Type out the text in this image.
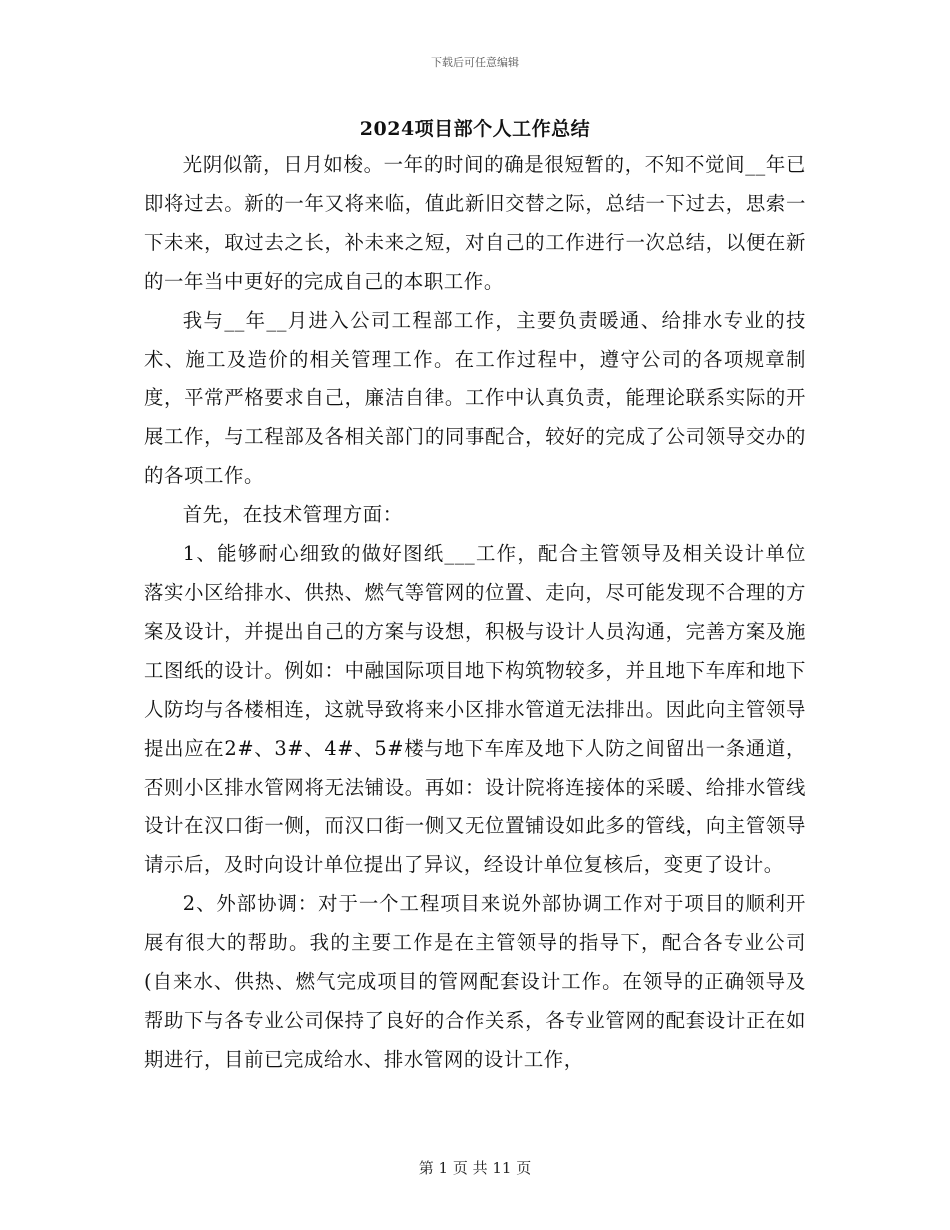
下载后可任意编辑
2024项目部个人工作总结

光阴似箭，日月如梭。一年的时间的确是很短暂的，不知不觉间__年已即将过去。新的一年又将来临，值此新旧交替之际，总结一下过去，思索一下未来，取过去之长，补未来之短，对自己的工作进行一次总结，以便在新的一年当中更好的完成自己的本职工作。

我与__年__月进入公司工程部工作，主要负责暖通、给排水专业的技术、施工及造价的相关管理工作。在工作过程中，遵守公司的各项规章制度，平常严格要求自己，廉洁自律。工作中认真负责，能理论联系实际的开展工作，与工程部及各相关部门的同事配合，较好的完成了公司领导交办的的各项工作。

首先，在技术管理方面：

1、能够耐心细致的做好图纸___工作，配合主管领导及相关设计单位落实小区给排水、供热、燃气等管网的位置、走向，尽可能发现不合理的方案及设计，并提出自己的方案与设想，积极与设计人员沟通，完善方案及施工图纸的设计。例如：中融国际项目地下构筑物较多，并且地下车库和地下人防均与各楼相连，这就导致将来小区排水管道无法排出。因此向主管领导提出应在2#、3#、4#、5#楼与地下车库及地下人防之间留出一条通道，否则小区排水管网将无法铺设。再如：设计院将连接体的采暖、给排水管线设计在汉口街一侧，而汉口街一侧又无位置铺设如此多的管线，向主管领导请示后，及时向设计单位提出了异议，经设计单位复核后，变更了设计。

2、外部协调：对于一个工程项目来说外部协调工作对于项目的顺利开展有很大的帮助。我的主要工作是在主管领导的指导下，配合各专业公司(自来水、供热、燃气完成项目的管网配套设计工作。在领导的正确领导及帮助下与各专业公司保持了良好的合作关系，各专业管网的配套设计正在如期进行，目前已完成给水、排水管网的设计工作，

第 1 页 共 11 页
